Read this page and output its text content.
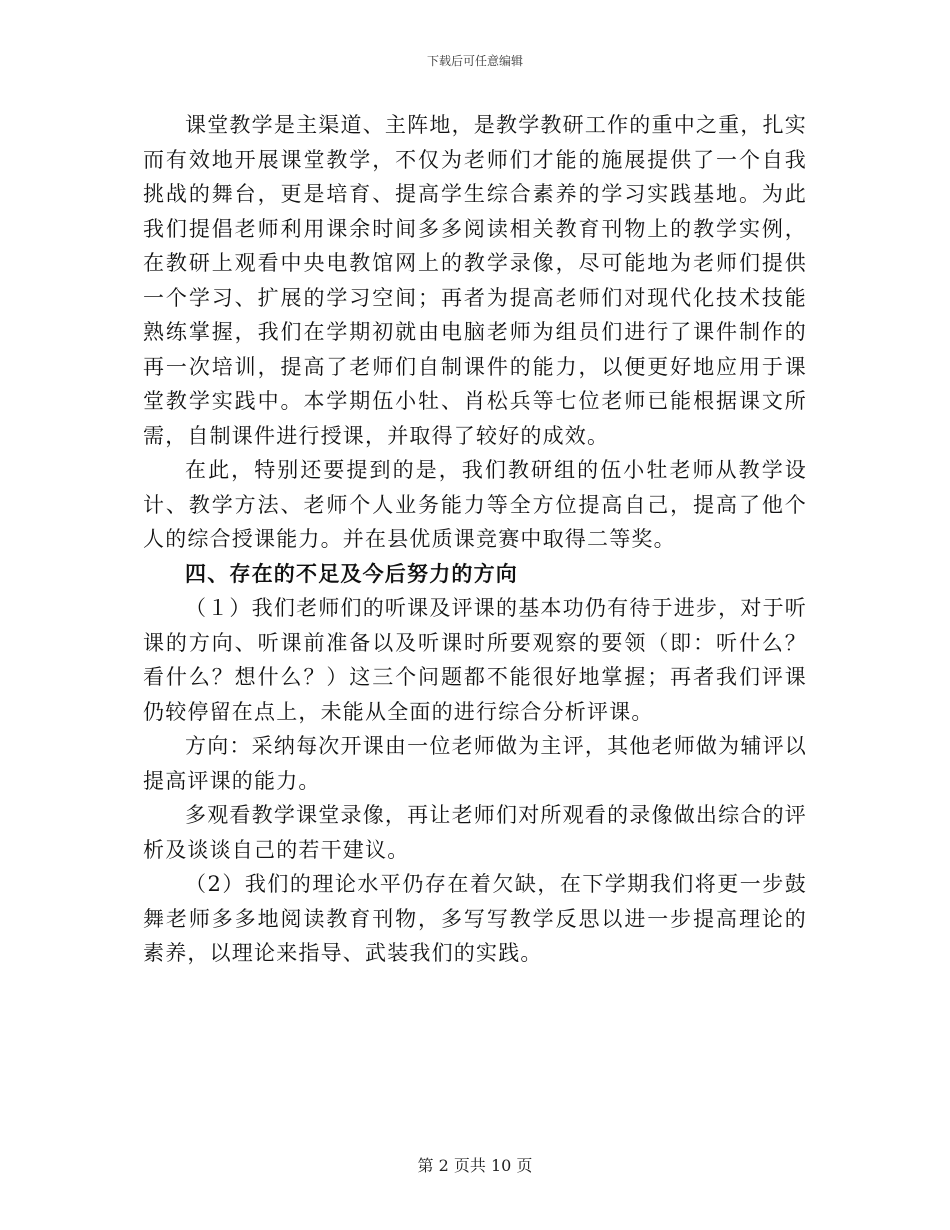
下载后可任意编辑

课堂教学是主渠道、主阵地，是教学教研工作的重中之重，扎实而有效地开展课堂教学，不仅为老师们才能的施展提供了一个自我挑战的舞台，更是培育、提高学生综合素养的学习实践基地。为此我们提倡老师利用课余时间多多阅读相关教育刊物上的教学实例，在教研上观看中央电教馆网上的教学录像，尽可能地为老师们提供一个学习、扩展的学习空间；再者为提高老师们对现代化技术技能熟练掌握，我们在学期初就由电脑老师为组员们进行了课件制作的再一次培训，提高了老师们自制课件的能力，以便更好地应用于课堂教学实践中。本学期伍小牡、肖松兵等七位老师已能根据课文所需，自制课件进行授课，并取得了较好的成效。

在此，特别还要提到的是，我们教研组的伍小牡老师从教学设计、教学方法、老师个人业务能力等全方位提高自己，提高了他个人的综合授课能力。并在县优质课竞赛中取得二等奖。

四、存在的不足及今后努力的方向

（１）我们老师们的听课及评课的基本功仍有待于进步，对于听课的方向、听课前准备以及听课时所要观察的要领（即：听什么？看什么？想什么？）这三个问题都不能很好地掌握；再者我们评课仍较停留在点上，未能从全面的进行综合分析评课。

方向：采纳每次开课由一位老师做为主评，其他老师做为辅评以提高评课的能力。

多观看教学课堂录像，再让老师们对所观看的录像做出综合的评析及谈谈自己的若干建议。

（2）我们的理论水平仍存在着欠缺，在下学期我们将更一步鼓舞老师多多地阅读教育刊物，多写写教学反思以进一步提高理论的素养，以理论来指导、武装我们的实践。

第 2 页共 10 页
